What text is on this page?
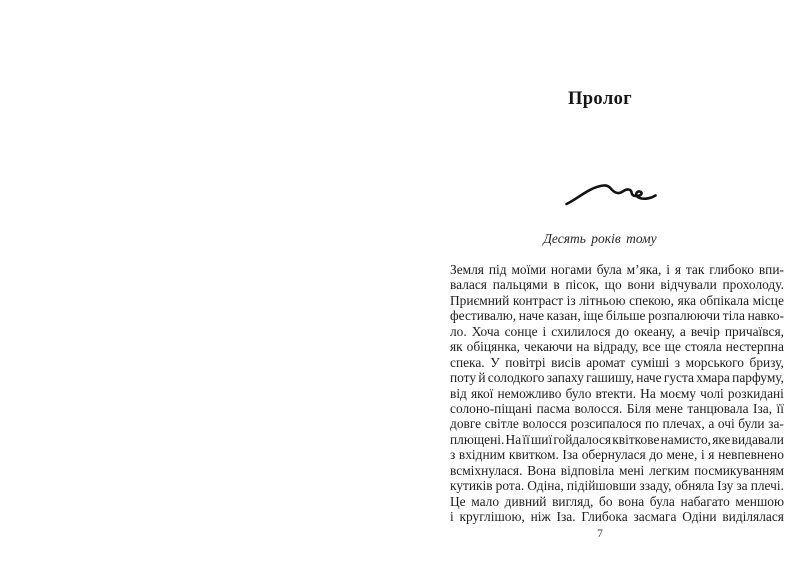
Пролог
Десять років тому
Земля під моїми ногами була м’яка, і я так глибоко впи-
валася пальцями в пісок, що вони відчували прохолоду.
Приємний контраст із літньою спекою, яка обпікала місце
фестивалю, наче казан, іще більше розпалюючи тіла навко-
ло. Хоча сонце і схилилося до океану, а вечір причаївся,
як обіцянка, чекаючи на відраду, все ще стояла нестерпна
спека. У повітрі висів аромат суміші з морського бризу,
поту й солодкого запаху гашишу, наче густа хмара парфуму,
від якої неможливо було втекти. На моєму чолі розкидані
солоно-піщані пасма волосся. Біля мене танцювала Іза, її
довге світле волосся розсипалося по плечах, а очі були за-
плющені. На її шиї гойдалося квіткове намисто, яке видавали
з вхідним квитком. Іза обернулася до мене, і я невпевнено
всміхнулася. Вона відповіла мені легким посмикуванням
кутиків рота. Одіна, підійшовши ззаду, обняла Ізу за плечі.
Це мало дивний вигляд, бо вона була набагато меншою
і круглішою, ніж Іза. Глибока засмага Одіни виділялася
7
